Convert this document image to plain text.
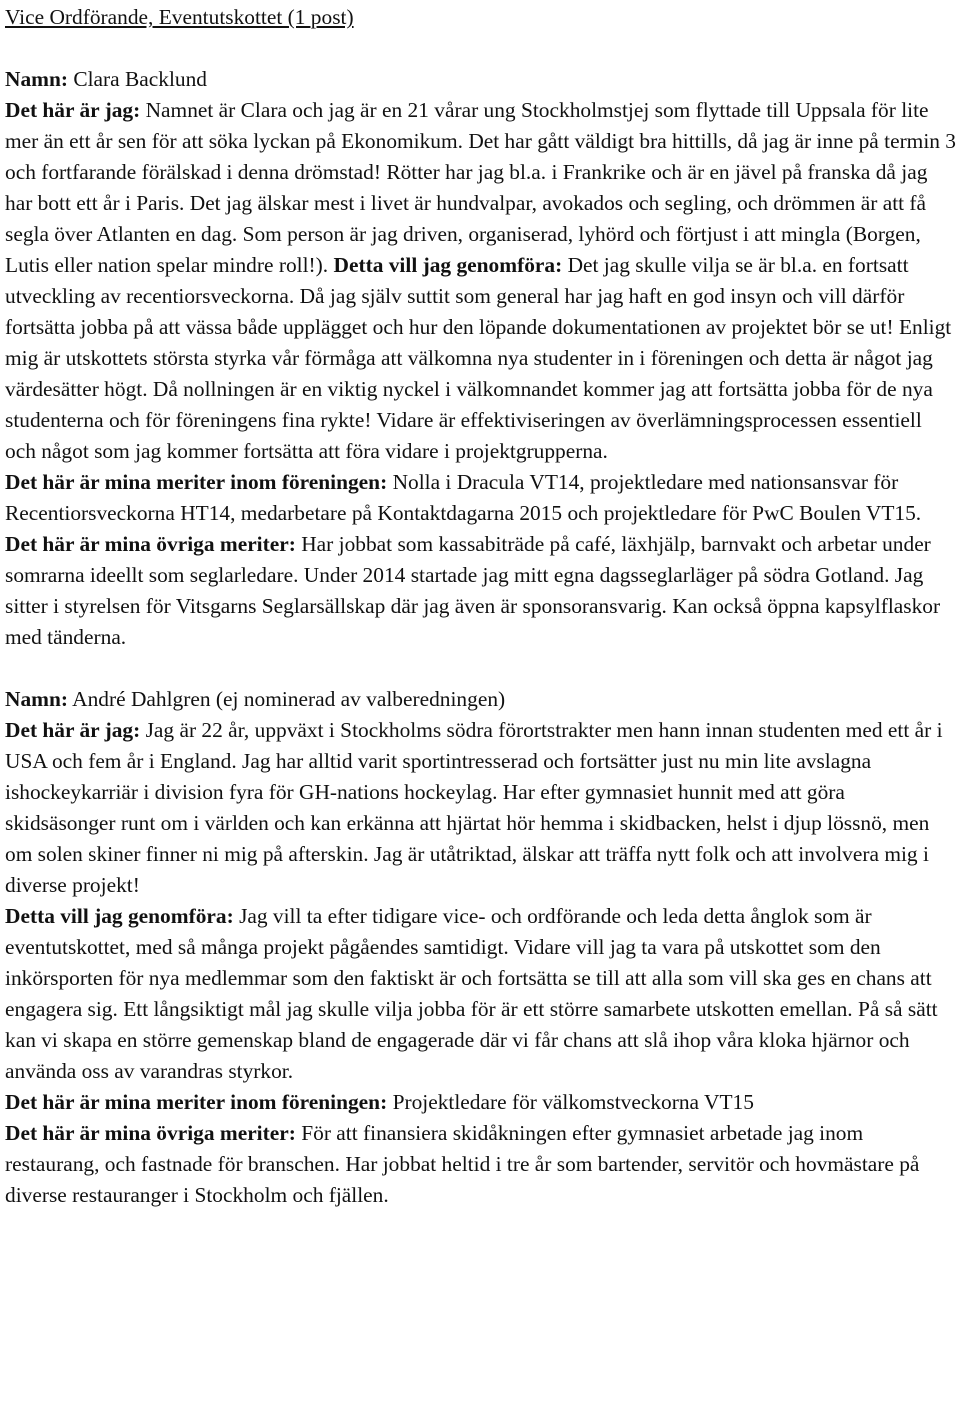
Vice Ordförande, Eventutskottet (1 post)

Namn: Clara Backlund

Det här är jag: Namnet är Clara och jag är en 21 vårar ung Stockholmstjej som flyttade till Uppsala för lite mer än ett år sen för att söka lyckan på Ekonomikum. Det har gått väldigt bra hittills, då jag är inne på termin 3 och fortfarande förälskad i denna drömstad! Rötter har jag bl.a. i Frankrike och är en jävel på franska då jag har bott ett år i Paris. Det jag älskar mest i livet är hundvalpar, avokados och segling, och drömmen är att få segla över Atlanten en dag. Som person är jag driven, organiserad, lyhörd och förtjust i att mingla (Borgen, Lutis eller nation spelar mindre roll!). Detta vill jag genomföra: Det jag skulle vilja se är bl.a. en fortsatt utveckling av recentiorsveckorna. Då jag själv suttit som general har jag haft en god insyn och vill därför fortsätta jobba på att vässa både upplägget och hur den löpande dokumentationen av projektet bör se ut! Enligt mig är utskottets största styrka vår förmåga att välkomna nya studenter in i föreningen och detta är något jag värdesätter högt. Då nollningen är en viktig nyckel i välkomnandet kommer jag att fortsätta jobba för de nya studenterna och för föreningens fina rykte! Vidare är effektiviseringen av överlämningsprocessen essentiell och något som jag kommer fortsätta att föra vidare i projektgrupperna.

Det här är mina meriter inom föreningen: Nolla i Dracula VT14, projektledare med nationsansvar för Recentiorsveckorna HT14, medarbetare på Kontaktdagarna 2015 och projektledare för PwC Boulen VT15.

Det här är mina övriga meriter: Har jobbat som kassabiträde på café, läxhjälp, barnvakt och arbetar under somrarna ideellt som seglarledare. Under 2014 startade jag mitt egna dagsseglarläger på södra Gotland. Jag sitter i styrelsen för Vitsgarns Seglarsällskap där jag även är sponsoransvarig. Kan också öppna kapsylflaskor med tänderna.

Namn: André Dahlgren (ej nominerad av valberedningen)

Det här är jag: Jag är 22 år, uppväxt i Stockholms södra förortstrakter men hann innan studenten med ett år i USA och fem år i England. Jag har alltid varit sportintresserad och fortsätter just nu min lite avslagna ishockeykarriär i division fyra för GH-nations hockeylag. Har efter gymnasiet hunnit med att göra skidsäsonger runt om i världen och kan erkänna att hjärtat hör hemma i skidbacken, helst i djup lössnö, men om solen skiner finner ni mig på afterskin. Jag är utåtriktad, älskar att träffa nytt folk och att involvera mig i diverse projekt!

Detta vill jag genomföra: Jag vill ta efter tidigare vice- och ordförande och leda detta ånglok som är eventutskottet, med så många projekt pågåendes samtidigt. Vidare vill jag ta vara på utskottet som den inkörsporten för nya medlemmar som den faktiskt är och fortsätta se till att alla som vill ska ges en chans att engagera sig. Ett långsiktigt mål jag skulle vilja jobba för är ett större samarbete utskotten emellan. På så sätt kan vi skapa en större gemenskap bland de engagerade där vi får chans att slå ihop våra kloka hjärnor och använda oss av varandras styrkor.

Det här är mina meriter inom föreningen: Projektledare för välkomstveckorna VT15

Det här är mina övriga meriter: För att finansiera skidåkningen efter gymnasiet arbetade jag inom restaurang, och fastnade för branschen. Har jobbat heltid i tre år som bartender, servitör och hovmästare på diverse restauranger i Stockholm och fjällen.
